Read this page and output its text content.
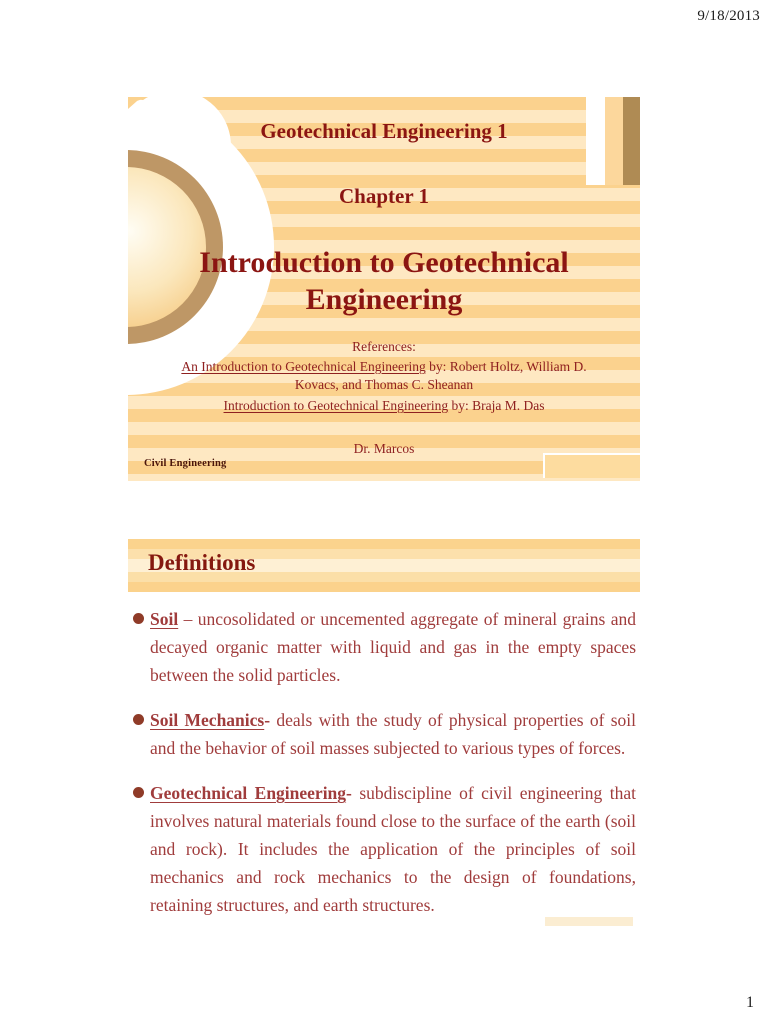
9/18/2013
Geotechnical Engineering 1
Chapter 1
Introduction to Geotechnical Engineering
References:
An Introduction to Geotechnical Engineering by: Robert Holtz, William D. Kovacs, and Thomas C. Sheanan
Introduction to Geotechnical Engineering by: Braja M. Das
Dr. Marcos
Civil Engineering
Definitions
Soil – uncosolidated or uncemented aggregate of mineral grains and decayed organic matter with liquid and gas in the empty spaces between the solid particles.
Soil Mechanics- deals with the study of physical properties of soil and the behavior of soil masses subjected to various types of forces.
Geotechnical Engineering- subdiscipline of civil engineering that involves natural materials found close to the surface of the earth (soil and rock). It includes the application of the principles of soil mechanics and rock mechanics to the design of foundations, retaining structures, and earth structures.
1
